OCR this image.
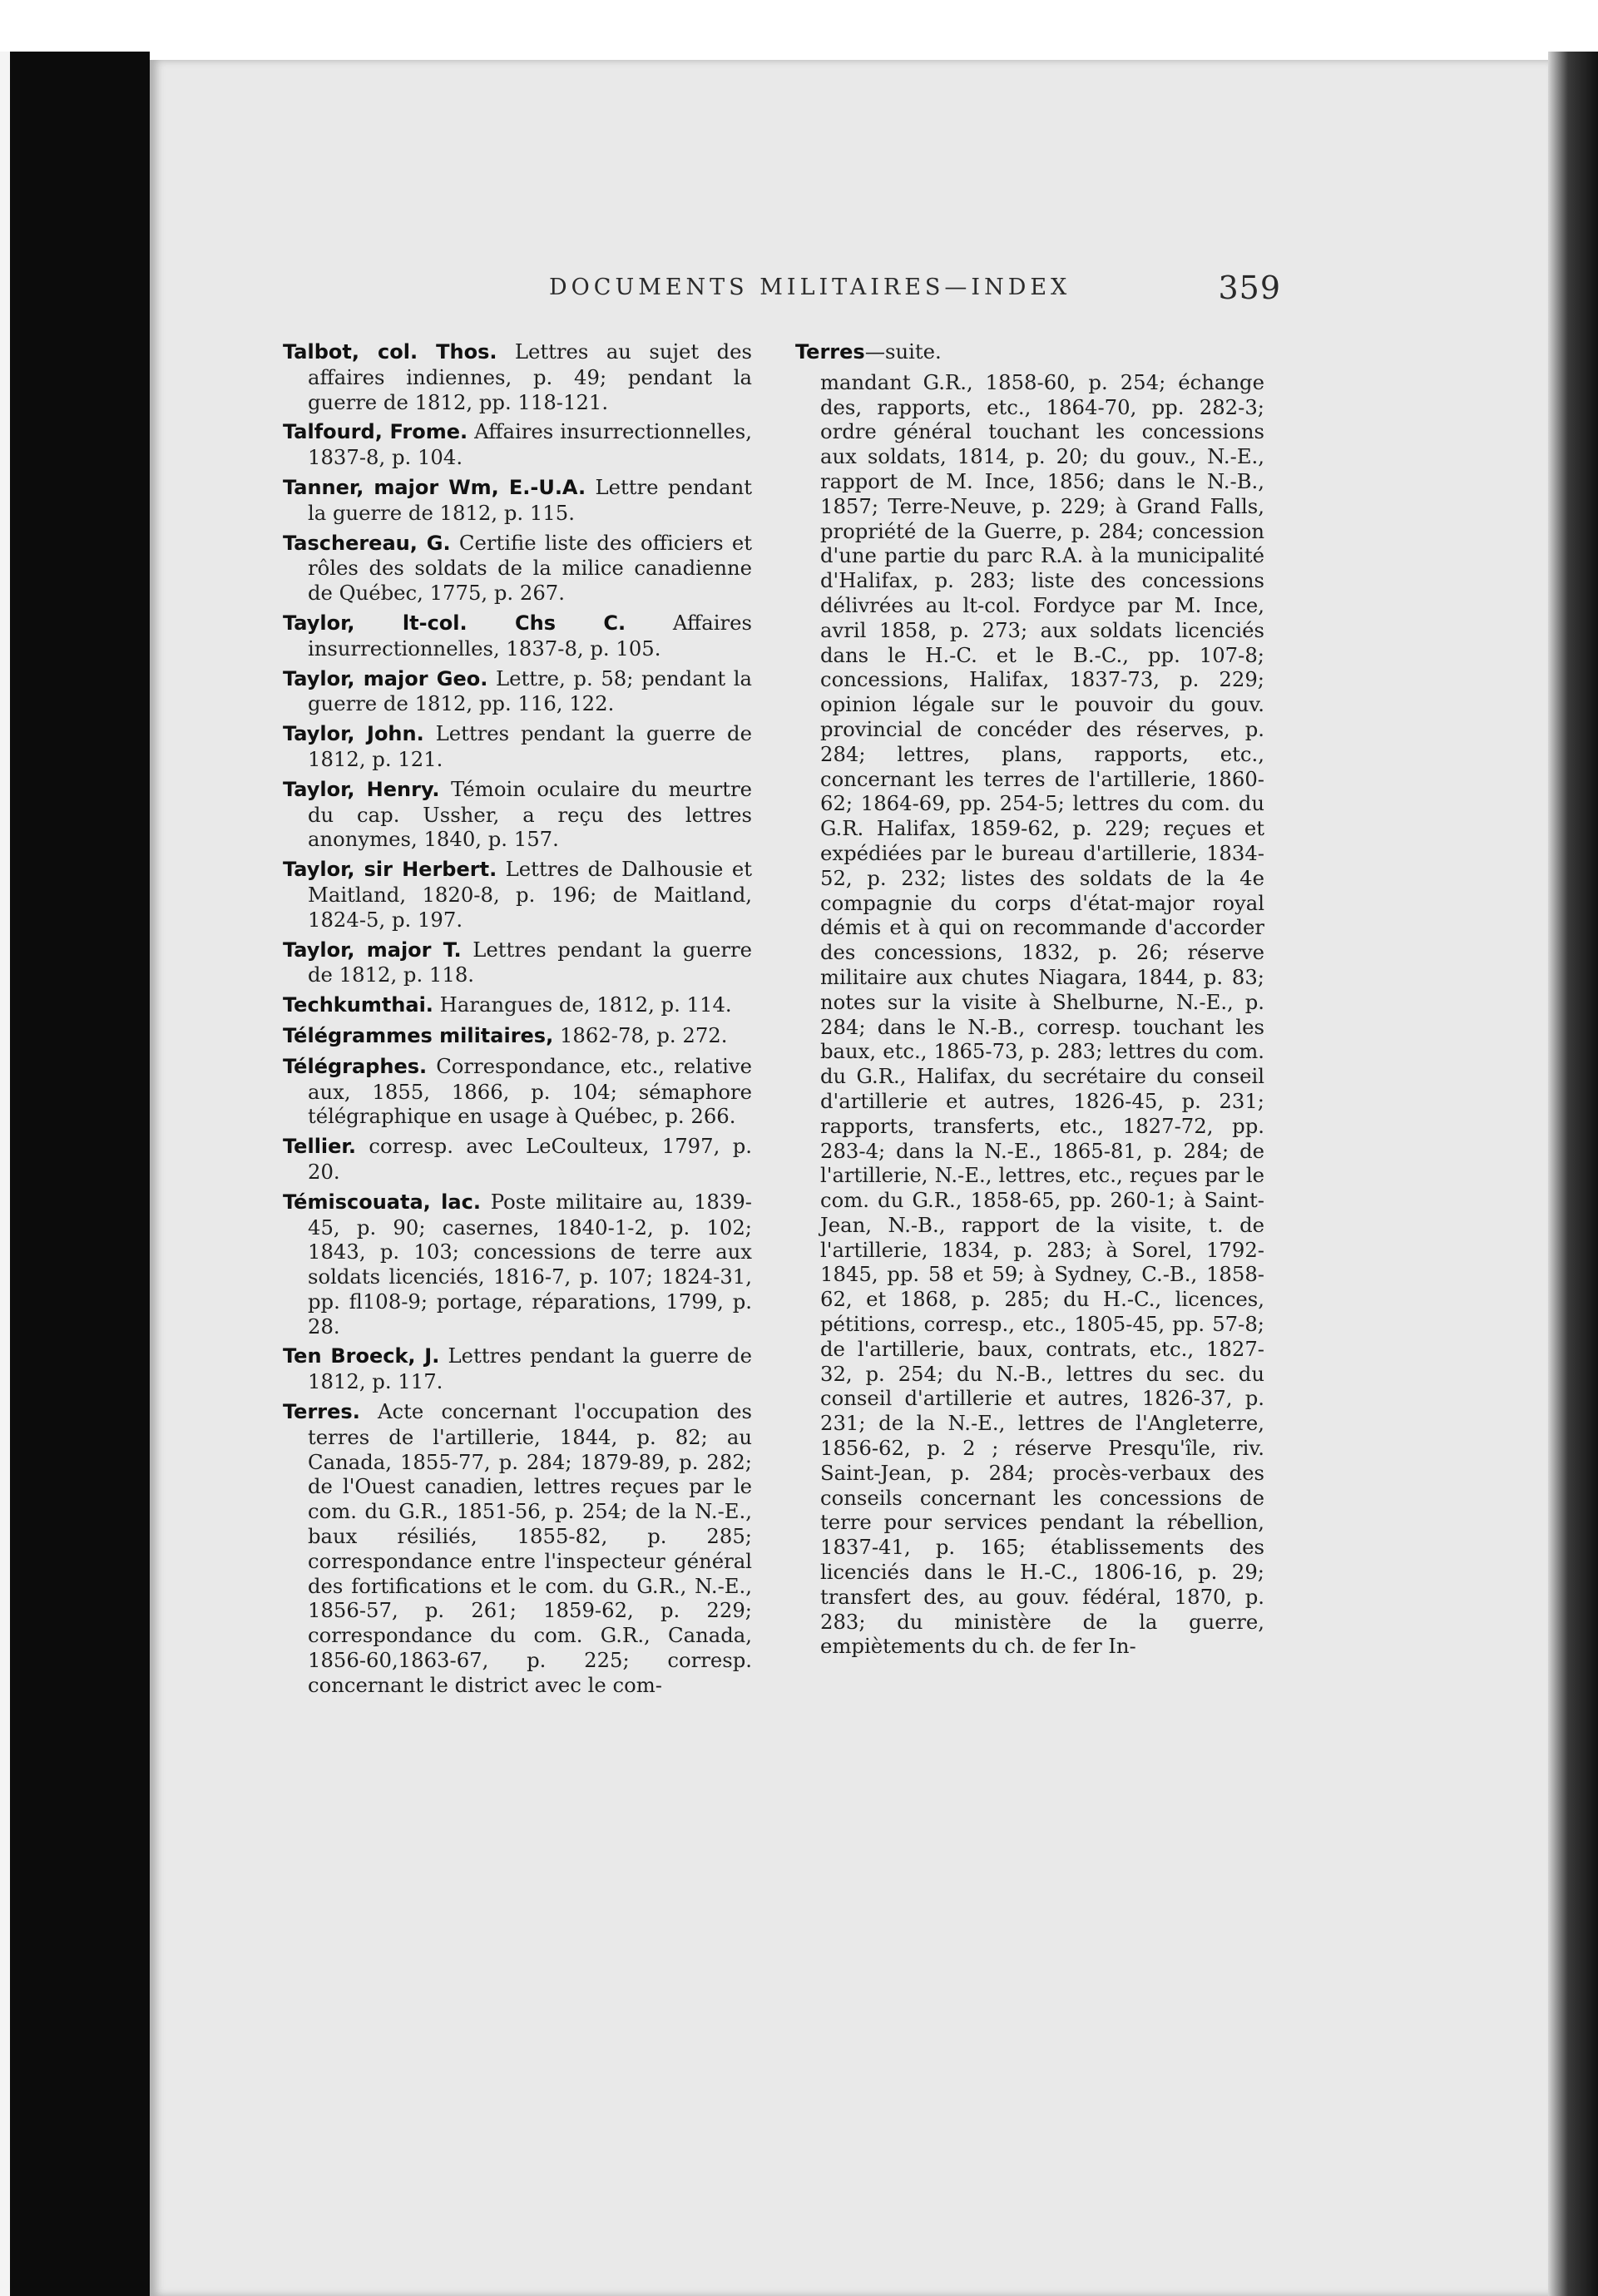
DOCUMENTS MILITAIRES—INDEX	359

Talbot, col. Thos. Lettres au sujet des affaires indiennes, p. 49; pendant la guerre de 1812, pp. 118-121.

Talfourd, Frome. Affaires insurrectionnelles, 1837-8, p. 104.

Tanner, major Wm, E.-U.A. Lettre pendant la guerre de 1812, p. 115.

Taschereau, G. Certifie liste des officiers et rôles des soldats de la milice canadienne de Québec, 1775, p. 267.

Taylor, lt-col. Chs C. Affaires insurrectionnelles, 1837-8, p. 105.

Taylor, major Geo. Lettre, p. 58; pendant la guerre de 1812, pp. 116, 122.

Taylor, John. Lettres pendant la guerre de 1812, p. 121.

Taylor, Henry. Témoin oculaire du meurtre du cap. Ussher, a reçu des lettres anonymes, 1840, p. 157.

Taylor, sir Herbert. Lettres de Dalhousie et Maitland, 1820-8, p. 196; de Maitland, 1824-5, p. 197.

Taylor, major T. Lettres pendant la guerre de 1812, p. 118.

Techkumthai. Harangues de, 1812, p. 114.

Télégrammes militaires, 1862-78, p. 272.

Télégraphes. Correspondance, etc., relative aux, 1855, 1866, p. 104; sémaphore télégraphique en usage à Québec, p. 266.

Tellier. corresp. avec LeCoulteux, 1797, p. 20.

Témiscouata, lac. Poste militaire au, 1839-45, p. 90; casernes, 1840-1-2, p. 102; 1843, p. 103; concessions de terre aux soldats licenciés, 1816-7, p. 107; 1824-31, pp. fl108-9; portage, réparations, 1799, p. 28.

Ten Broeck, J. Lettres pendant la guerre de 1812, p. 117.

Terres. Acte concernant l'occupation des terres de l'artillerie, 1844, p. 82; au Canada, 1855-77, p. 284; 1879-89, p. 282; de l'Ouest canadien, lettres reçues par le com. du G.R., 1851-56, p. 254; de la N.-E., baux résiliés, 1855-82, p. 285; correspondance entre l'inspecteur général des fortifications et le com. du G.R., N.-E., 1856-57, p. 261; 1859-62, p. 229; correspondance du com. G.R., Canada, 1856-60,1863-67, p. 225; corresp. concernant le district avec le com-

Terres—suite.

mandant G.R., 1858-60, p. 254; échange des, rapports, etc., 1864-70, pp. 282-3; ordre général touchant les concessions aux soldats, 1814, p. 20; du gouv., N.-E., rapport de M. Ince, 1856; dans le N.-B., 1857; Terre-Neuve, p. 229; à Grand Falls, propriété de la Guerre, p. 284; concession d'une partie du parc R.A. à la municipalité d'Halifax, p. 283; liste des concessions délivrées au lt-col. Fordyce par M. Ince, avril 1858, p. 273; aux soldats licenciés dans le H.-C. et le B.-C., pp. 107-8; concessions, Halifax, 1837-73, p. 229; opinion légale sur le pouvoir du gouv. provincial de concéder des réserves, p. 284; lettres, plans, rapports, etc., concernant les terres de l'artillerie, 1860-62; 1864-69, pp. 254-5; lettres du com. du G.R. Halifax, 1859-62, p. 229; reçues et expédiées par le bureau d'artillerie, 1834-52, p. 232; listes des soldats de la 4e compagnie du corps d'état-major royal démis et à qui on recommande d'accorder des concessions, 1832, p. 26; réserve militaire aux chutes Niagara, 1844, p. 83; notes sur la visite à Shelburne, N.-E., p. 284; dans le N.-B., corresp. touchant les baux, etc., 1865-73, p. 283; lettres du com. du G.R., Halifax, du secrétaire du conseil d'artillerie et autres, 1826-45, p. 231; rapports, transferts, etc., 1827-72, pp. 283-4; dans la N.-E., 1865-81, p. 284; de l'artillerie, N.-E., lettres, etc., reçues par le com. du G.R., 1858-65, pp. 260-1; à Saint-Jean, N.-B., rapport de la visite, t. de l'artillerie, 1834, p. 283; à Sorel, 1792-1845, pp. 58 et 59; à Sydney, C.-B., 1858-62, et 1868, p. 285; du H.-C., licences, pétitions, corresp., etc., 1805-45, pp. 57-8; de l'artillerie, baux, contrats, etc., 1827-32, p. 254; du N.-B., lettres du sec. du conseil d'artillerie et autres, 1826-37, p. 231; de la N.-E., lettres de l'Angleterre, 1856-62, p. 2 ; réserve Presqu'île, riv. Saint-Jean, p. 284; procès-verbaux des conseils concernant les concessions de terre pour services pendant la rébellion, 1837-41, p. 165; établissements des licenciés dans le H.-C., 1806-16, p. 29; transfert des, au gouv. fédéral, 1870, p. 283; du ministère de la guerre, empiètements du ch. de fer In-
